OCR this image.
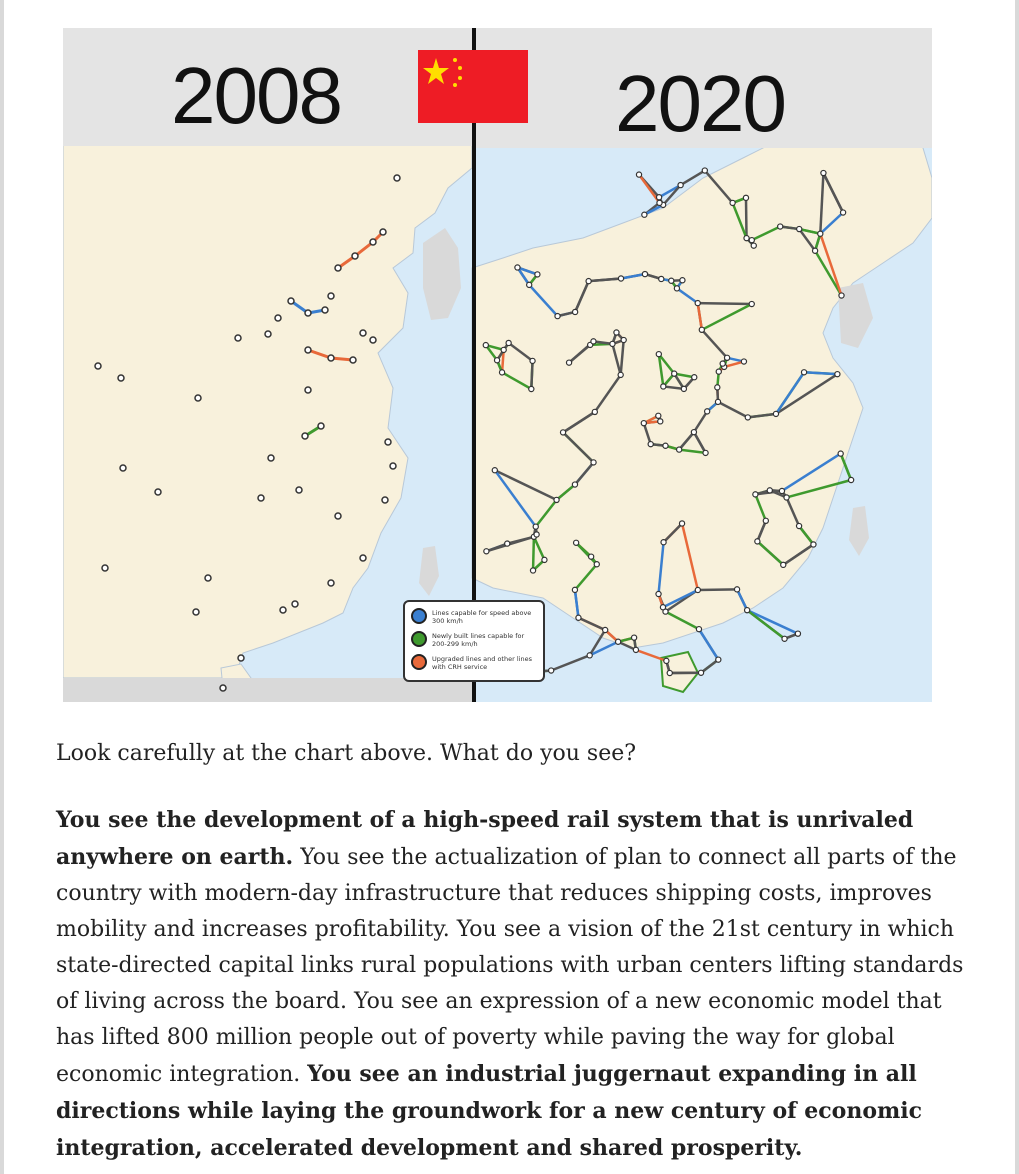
2008	2020
Lines capable for speed above 300 km/h
Newly built lines capable for 200-299 km/h
Upgraded lines and other lines with CRH service
Look carefully at the chart above. What do you see?
You see the development of a high-speed rail system that is unrivaled anywhere on earth. You see the actualization of plan to connect all parts of the country with modern-day infrastructure that reduces shipping costs, improves mobility and increases profitability. You see a vision of the 21st century in which state-directed capital links rural populations with urban centers lifting standards of living across the board. You see an expression of a new economic model that has lifted 800 million people out of poverty while paving the way for global economic integration. You see an industrial juggernaut expanding in all directions while laying the groundwork for a new century of economic integration, accelerated development and shared prosperity.
